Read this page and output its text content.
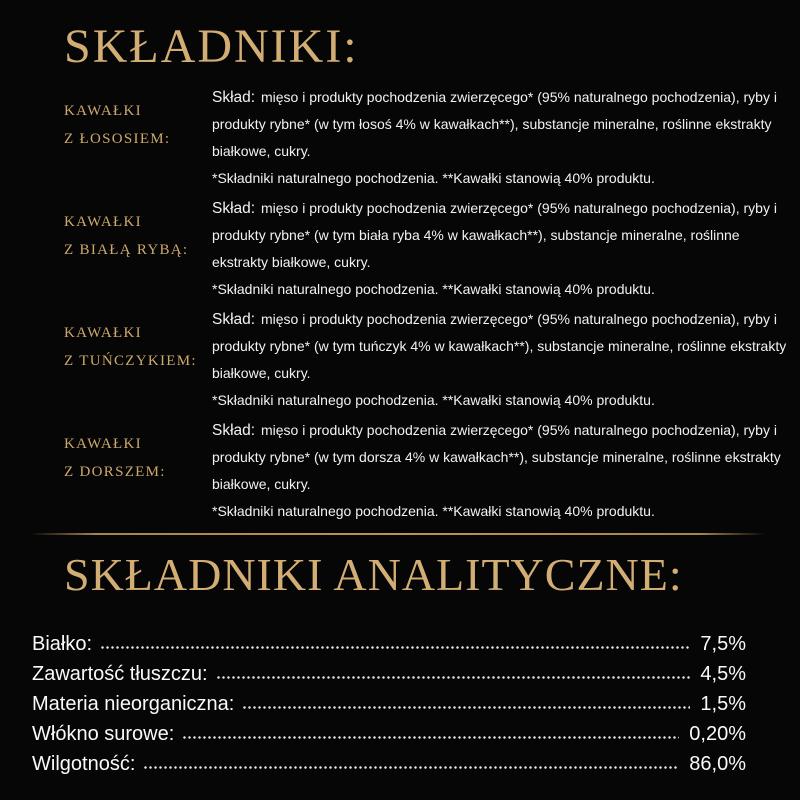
SKŁADNIKI:
KAWAŁKI
Z ŁOSOSIEM:
Skład: mięso i produkty pochodzenia zwierzęcego* (95% naturalnego pochodzenia), ryby i produkty rybne* (w tym łosoś 4% w kawałkach**), substancje mineralne, roślinne ekstrakty białkowe, cukry.
*Składniki naturalnego pochodzenia. **Kawałki stanowią 40% produktu.
KAWAŁKI
Z BIAŁĄ RYBĄ:
Skład: mięso i produkty pochodzenia zwierzęcego* (95% naturalnego pochodzenia), ryby i produkty rybne* (w tym biała ryba 4% w kawałkach**), substancje mineralne, roślinne ekstrakty białkowe, cukry.
*Składniki naturalnego pochodzenia. **Kawałki stanowią 40% produktu.
KAWAŁKI
Z TUŃCZYKIEM:
Skład: mięso i produkty pochodzenia zwierzęcego* (95% naturalnego pochodzenia), ryby i produkty rybne* (w tym tuńczyk 4% w kawałkach**), substancje mineralne, roślinne ekstrakty białkowe, cukry.
*Składniki naturalnego pochodzenia. **Kawałki stanowią 40% produktu.
KAWAŁKI
Z DORSZEM:
Skład: mięso i produkty pochodzenia zwierzęcego* (95% naturalnego pochodzenia), ryby i produkty rybne* (w tym dorsza 4% w kawałkach**), substancje mineralne, roślinne ekstrakty białkowe, cukry.
*Składniki naturalnego pochodzenia. **Kawałki stanowią 40% produktu.
SKŁADNIKI ANALITYCZNE:
Białko:	7,5%
Zawartość tłuszczu:	4,5%
Materia nieorganiczna:	1,5%
Włókno surowe:	0,20%
Wilgotność:	86,0%
